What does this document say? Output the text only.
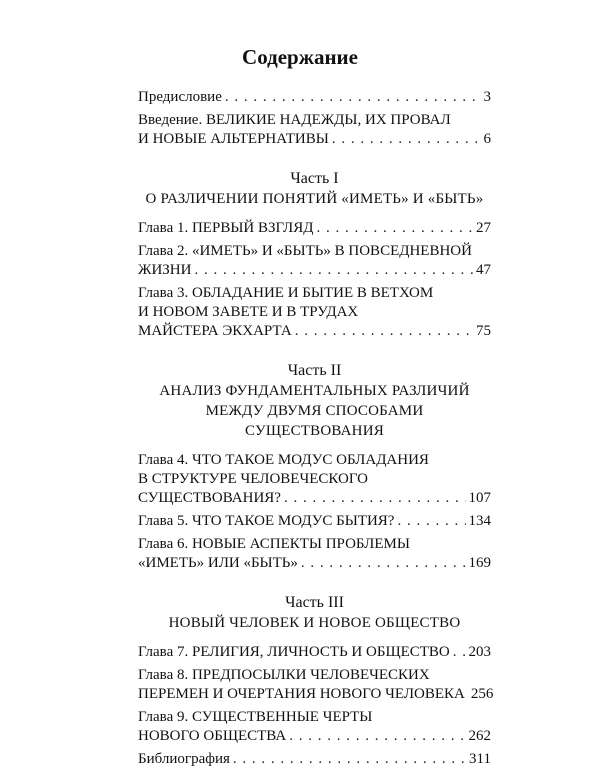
Содержание
Предисловие . . .	3
Введение. ВЕЛИКИЕ НАДЕЖДЫ, ИХ ПРОВАЛ
И НОВЫЕ АЛЬТЕРНАТИВЫ . . .	6
Часть I
О РАЗЛИЧЕНИИ ПОНЯТИЙ «ИМЕТЬ» И «БЫТЬ»
Глава 1. ПЕРВЫЙ ВЗГЛЯД . . .	27
Глава 2. «ИМЕТЬ» И «БЫТЬ» В ПОВСЕДНЕВНОЙ
ЖИЗНИ . . .	47
Глава 3. ОБЛАДАНИЕ И БЫТИЕ В ВЕТХОМ
И НОВОМ ЗАВЕТЕ И В ТРУДАХ
МАЙСТЕРА ЭКХАРТА . . .	75
Часть II
АНАЛИЗ ФУНДАМЕНТАЛЬНЫХ РАЗЛИЧИЙ
МЕЖДУ ДВУМЯ СПОСОБАМИ СУЩЕСТВОВАНИЯ
Глава 4. ЧТО ТАКОЕ МОДУС ОБЛАДАНИЯ
В СТРУКТУРЕ ЧЕЛОВЕЧЕСКОГО
СУЩЕСТВОВАНИЯ? . . .	107
Глава 5. ЧТО ТАКОЕ МОДУС БЫТИЯ? . . .	134
Глава 6. НОВЫЕ АСПЕКТЫ ПРОБЛЕМЫ
«ИМЕТЬ» ИЛИ «БЫТЬ» . . .	169
Часть III
НОВЫЙ ЧЕЛОВЕК И НОВОЕ ОБЩЕСТВО
Глава 7. РЕЛИГИЯ, ЛИЧНОСТЬ И ОБЩЕСТВО . . . 203
Глава 8. ПРЕДПОСЫЛКИ ЧЕЛОВЕЧЕСКИХ
ПЕРЕМЕН И ОЧЕРТАНИЯ НОВОГО ЧЕЛОВЕКА 256
Глава 9. СУЩЕСТВЕННЫЕ ЧЕРТЫ
НОВОГО ОБЩЕСТВА . . .	262
Библиография . . .	311
